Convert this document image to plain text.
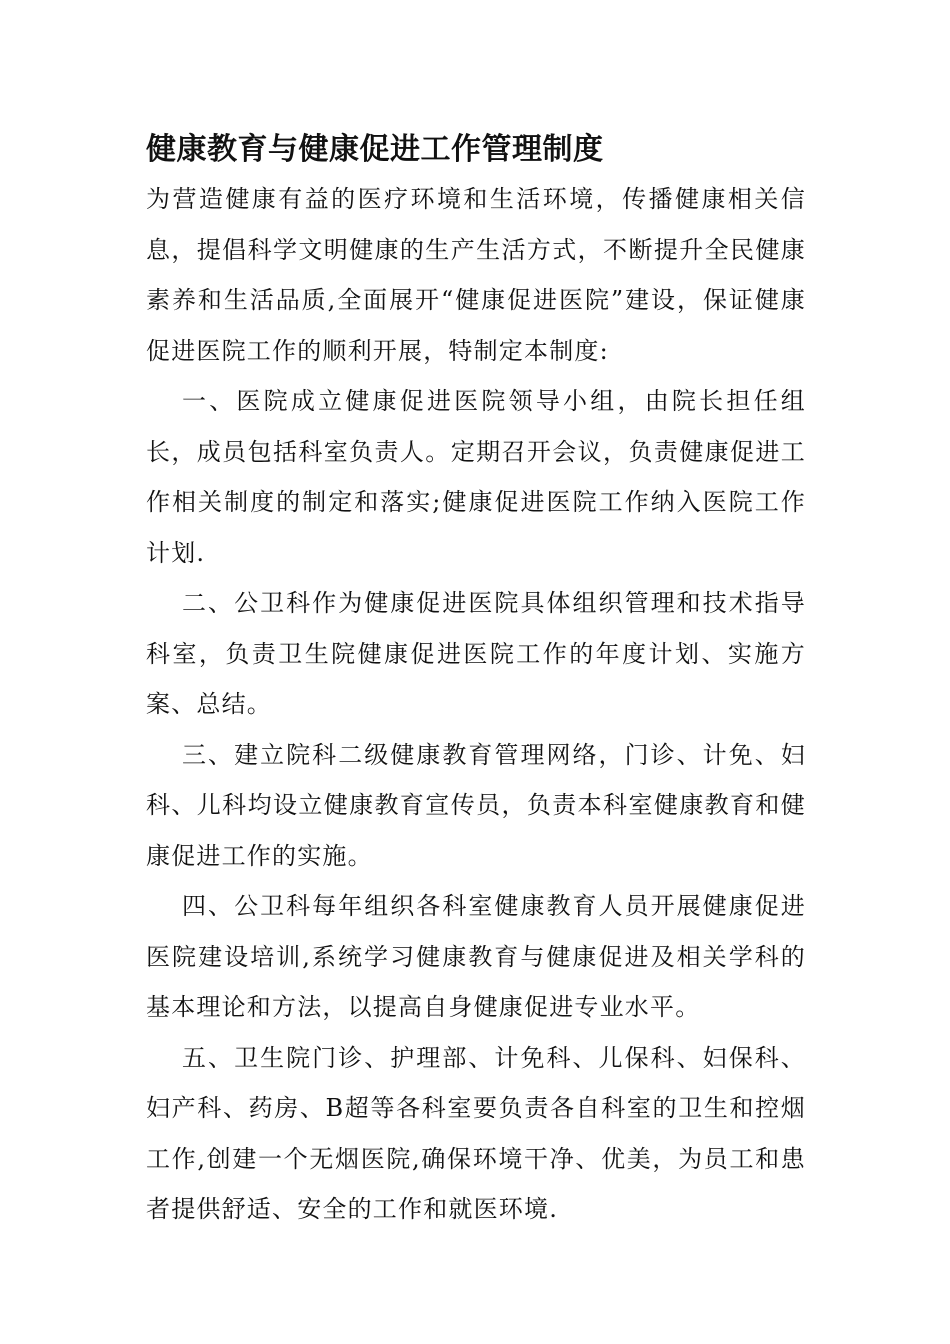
健康教育与健康促进工作管理制度

为营造健康有益的医疗环境和生活环境，传播健康相关信息，提倡科学文明健康的生产生活方式，不断提升全民健康素养和生活品质,全面展开“健康促进医院”建设，保证健康促进医院工作的顺利开展，特制定本制度:

一、医院成立健康促进医院领导小组，由院长担任组长，成员包括科室负责人。定期召开会议，负责健康促进工作相关制度的制定和落实;健康促进医院工作纳入医院工作计划.

二、公卫科作为健康促进医院具体组织管理和技术指导科室，负责卫生院健康促进医院工作的年度计划、实施方案、总结。

三、建立院科二级健康教育管理网络，门诊、计免、妇科、儿科均设立健康教育宣传员，负责本科室健康教育和健康促进工作的实施。

四、公卫科每年组织各科室健康教育人员开展健康促进医院建设培训,系统学习健康教育与健康促进及相关学科的基本理论和方法，以提高自身健康促进专业水平。

五、卫生院门诊、护理部、计免科、儿保科、妇保科、妇产科、药房、B超等各科室要负责各自科室的卫生和控烟工作,创建一个无烟医院,确保环境干净、优美，为员工和患者提供舒适、安全的工作和就医环境.
